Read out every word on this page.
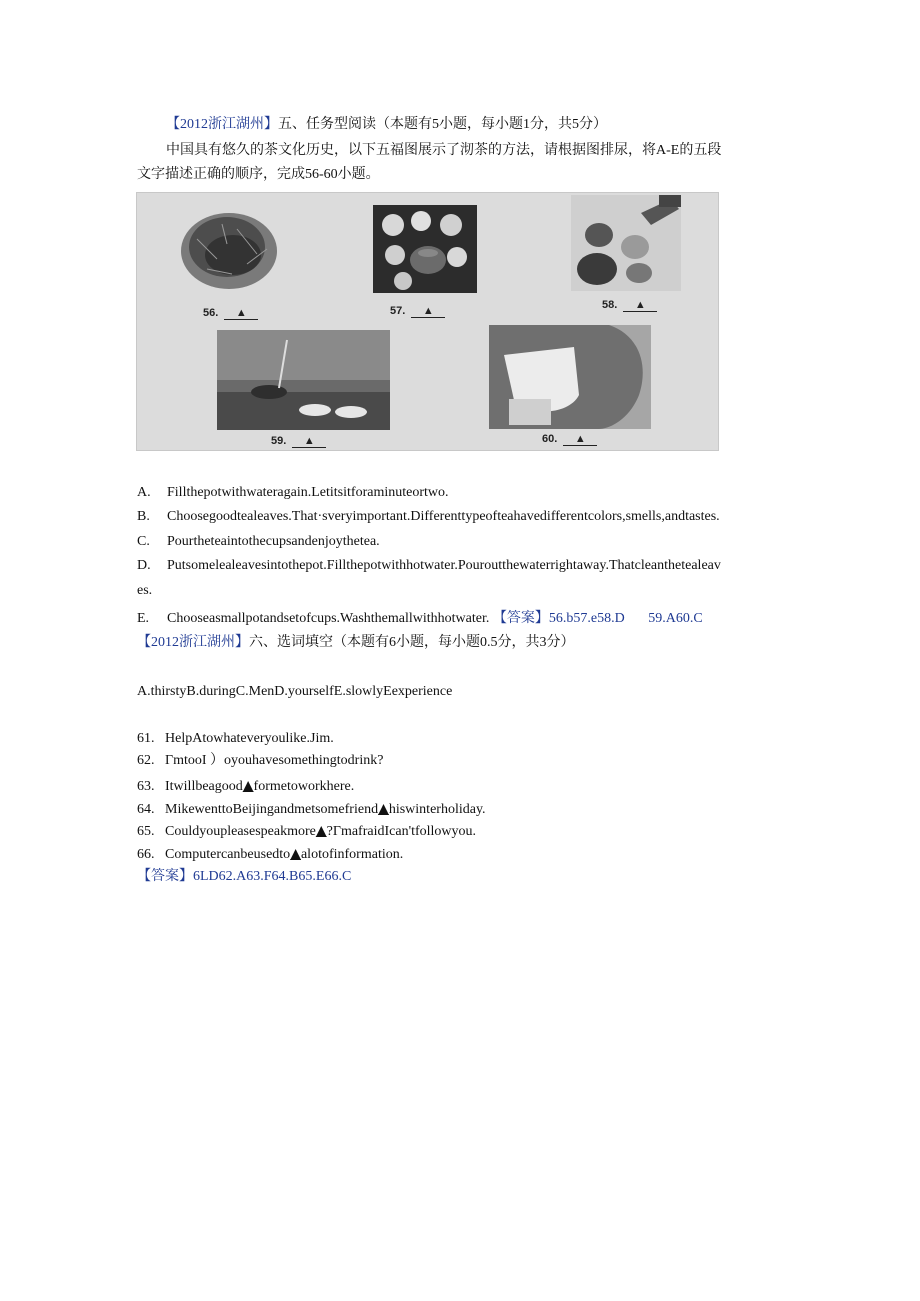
【2012浙江湖州】五、任务型阅读（本题有5小题，每小题1分，共5分）
中国具有悠久的茶文化历史，以下五福图展示了沏茶的方法，请根据图排尿，将A-E的五段
文字描述正确的顺序，完成56-60小题。
56. ▲	57. ▲	58. ▲
59. ▲	60. ▲
A. Fillthepotwithwateragain.Letitsitforaminuteortwo.
B. Choosegoodtealeaves.That·sveryimportant.Differenttypeofteahavedifferentcolors,smells,andtastes.
C. Pourtheteaintothecupsandenjoythetea.
D. Putsomelealeavesintothepot.Fillthepotwithhotwater.Pouroutthewaterrightaway.Thatcleanthetealeav
es.
E. Chooseasmallpotandsetofcups.Washthemallwithhotwater. 【答案】56.b57.e58.D 59.A60.C
【2012浙江湖州】六、选词填空（本题有6小题，每小题0.5分，共3分）
A.thirstyB.duringC.MenD.yourselfE.slowlyEexperience
61. HelpAtowhateveryoulike.Jim.
62. ΓmtooI ）oyouhavesomethingtodrink?
63. Itwillbeagood▲formetoworkhere.
64. MikewenttoBeijingandmetsomefriend▲hiswinterholiday.
65. Couldyoupleasespeakmore▲?ΓmafraidIcan'tfollowyou.
66. Computercanbeusedto▲alotofinformation.
【答案】6LD62.A63.F64.B65.E66.C
